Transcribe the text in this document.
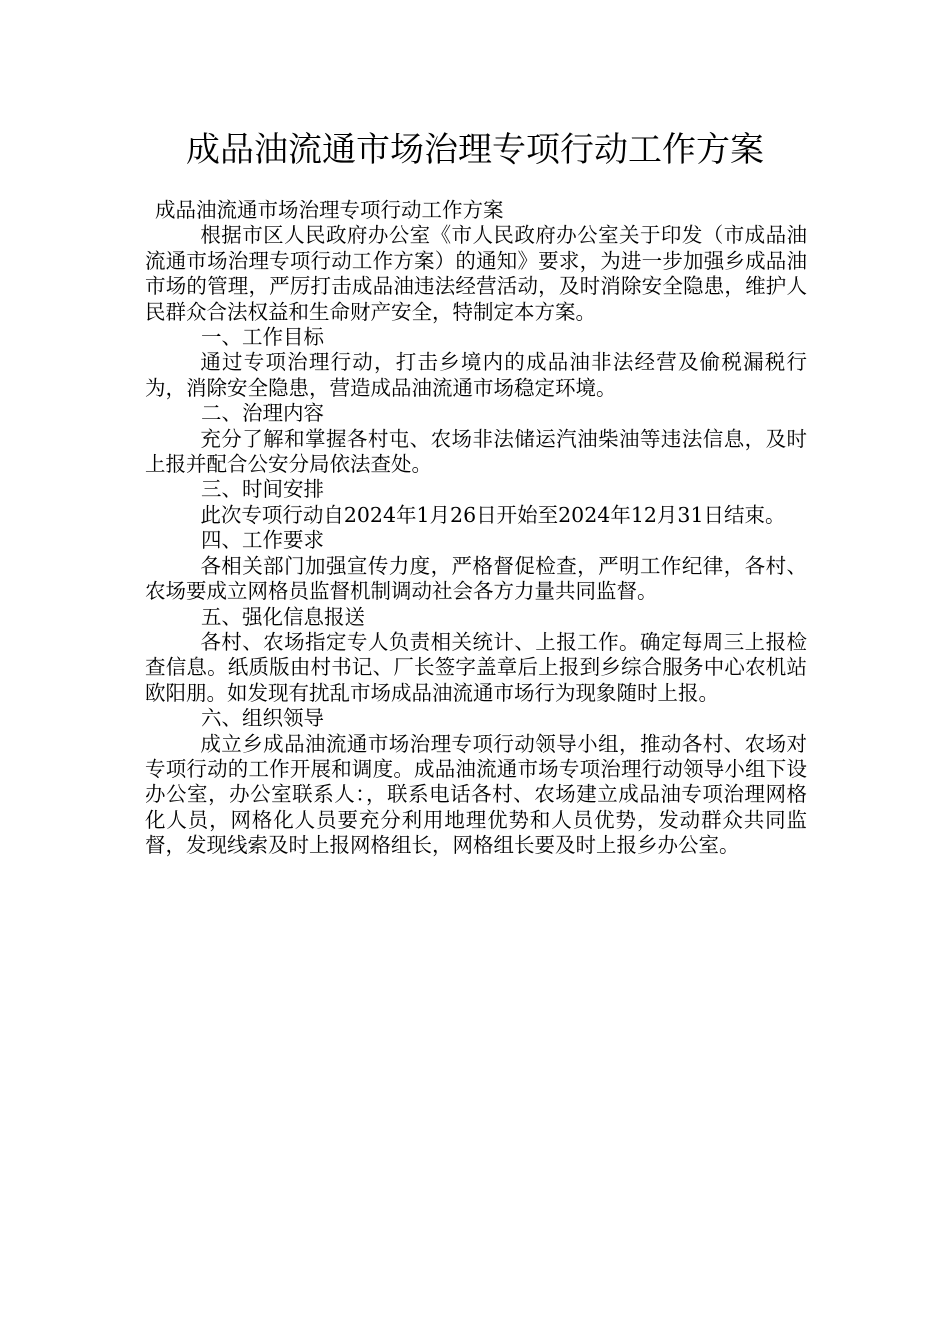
成品油流通市场治理专项行动工作方案

成品油流通市场治理专项行动工作方案

根据市区人民政府办公室《市人民政府办公室关于印发（市成品油流通市场治理专项行动工作方案）的通知》要求，为进一步加强乡成品油市场的管理，严厉打击成品油违法经营活动，及时消除安全隐患，维护人民群众合法权益和生命财产安全，特制定本方案。

一、工作目标

通过专项治理行动，打击乡境内的成品油非法经营及偷税漏税行为，消除安全隐患，营造成品油流通市场稳定环境。

二、治理内容

充分了解和掌握各村屯、农场非法储运汽油柴油等违法信息，及时上报并配合公安分局依法查处。

三、时间安排

此次专项行动自2024年1月26日开始至2024年12月31日结束。

四、工作要求

各相关部门加强宣传力度，严格督促检查，严明工作纪律，各村、农场要成立网格员监督机制调动社会各方力量共同监督。

五、强化信息报送

各村、农场指定专人负责相关统计、上报工作。确定每周三上报检查信息。纸质版由村书记、厂长签字盖章后上报到乡综合服务中心农机站欧阳朋。如发现有扰乱市场成品油流通市场行为现象随时上报。

六、组织领导

成立乡成品油流通市场治理专项行动领导小组，推动各村、农场对专项行动的工作开展和调度。成品油流通市场专项治理行动领导小组下设办公室，办公室联系人：，联系电话各村、农场建立成品油专项治理网格化人员，网格化人员要充分利用地理优势和人员优势，发动群众共同监督，发现线索及时上报网格组长，网格组长要及时上报乡办公室。
